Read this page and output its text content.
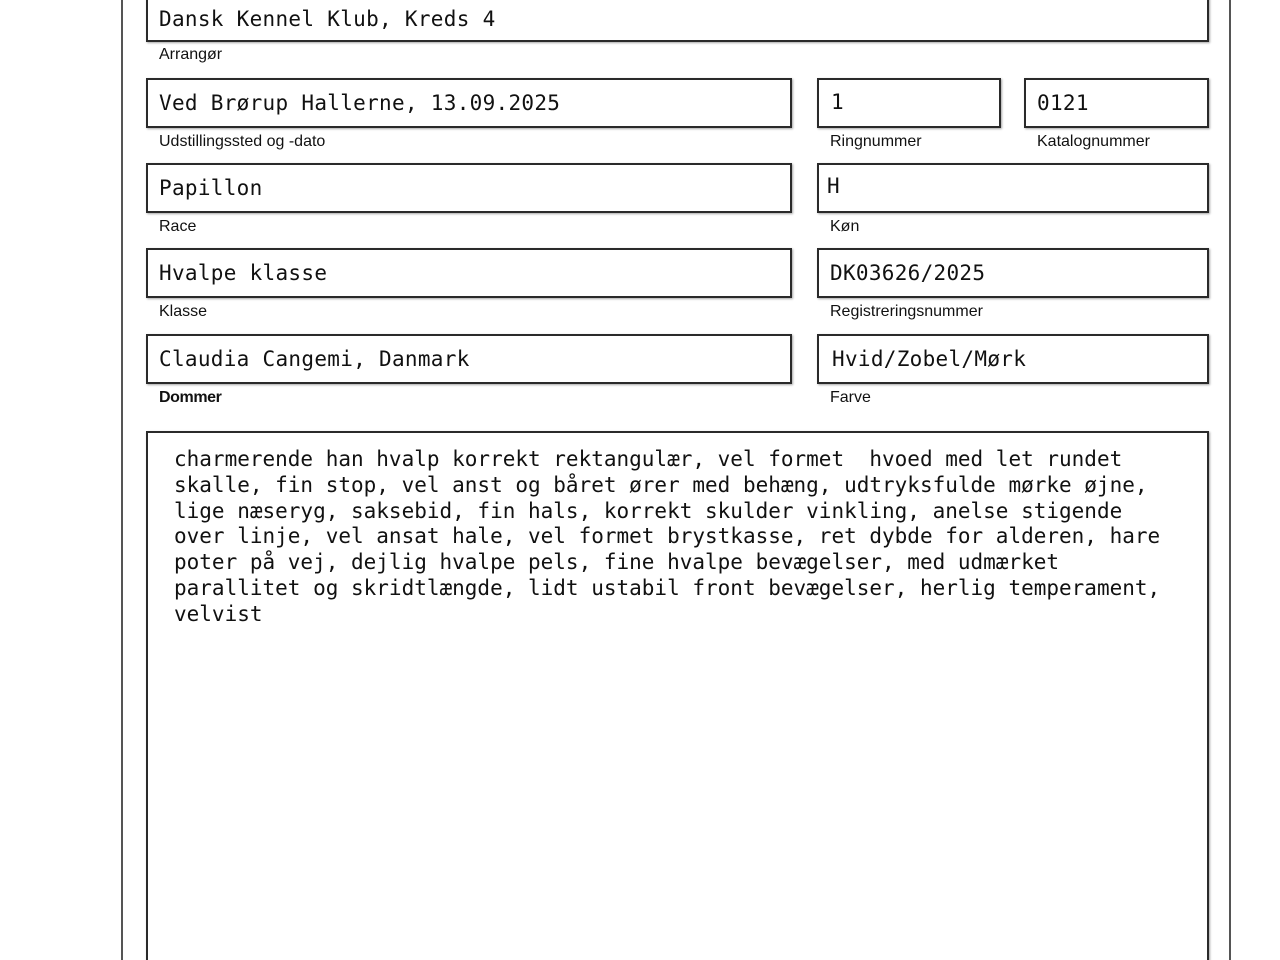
Dansk Kennel Klub, Kreds 4
Arrangør
Ved Brørup Hallerne, 13.09.2025
Udstillingssted og -dato
1
Ringnummer
0121
Katalognummer
Papillon
Race
H
Køn
Hvalpe klasse
Klasse
DK03626/2025
Registreringsnummer
Claudia Cangemi, Danmark
Dommer
Hvid/Zobel/Mørk
Farve
charmerende han hvalp korrekt rektangulær, vel formet  hvoed med let rundet
skalle, fin stop, vel anst og båret ører med behæng, udtryksfulde mørke øjne,
lige næseryg, saksebid, fin hals, korrekt skulder vinkling, anelse stigende
over linje, vel ansat hale, vel formet brystkasse, ret dybde for alderen, hare
poter på vej, dejlig hvalpe pels, fine hvalpe bevægelser, med udmærket
parallitet og skridtlængde, lidt ustabil front bevægelser, herlig temperament,
velvist
